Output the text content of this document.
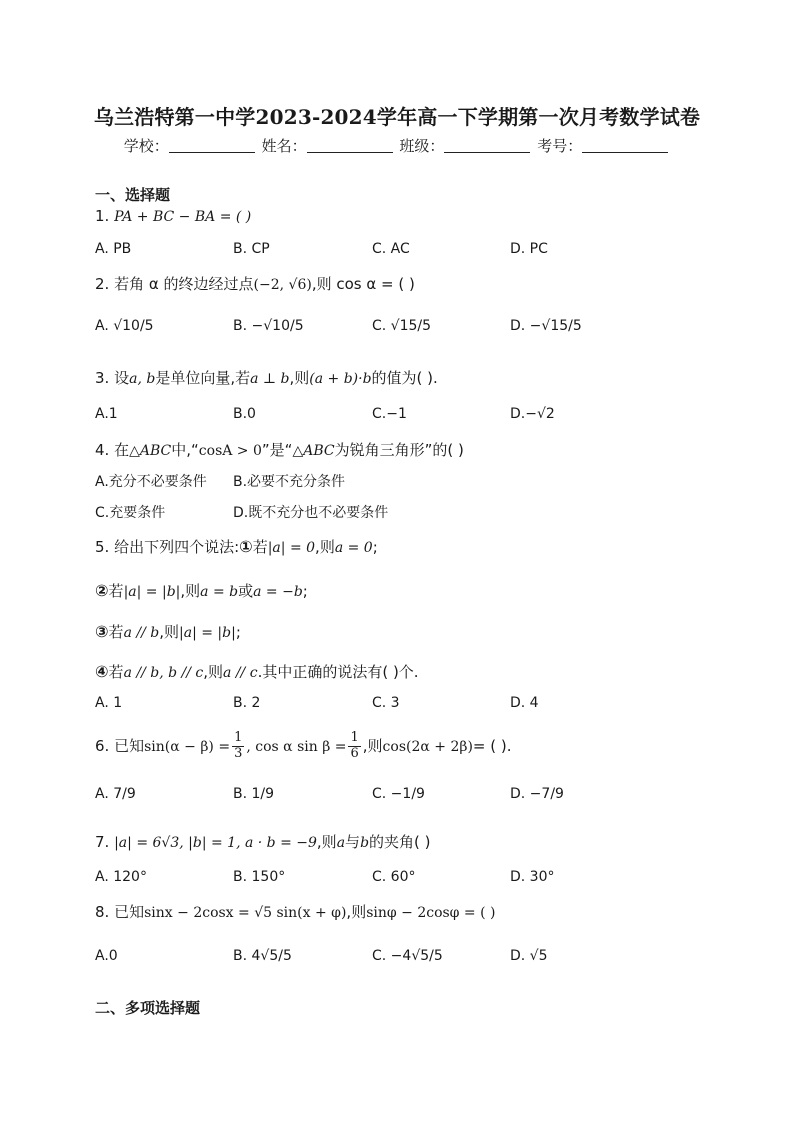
乌兰浩特第一中学2023-2024学年高一下学期第一次月考数学试卷
学校：	姓名：	班级：	考号：
一、选择题
1. PA + BC − BA = ( )
A. PB	B. CP	C. AC	D. PC
2. 若角 α 的终边经过点(−2, √6),则 cos α = ( )
A. √10/5	B. −√10/5	C. √15/5	D. −√15/5
3. 设a, b是单位向量,若a ⊥ b,则(a + b)·b的值为( ).
A.1	B.0	C.−1	D.−√2
4. 在△ABC中,“cosA > 0”是“△ABC为锐角三角形”的( )
A.充分不必要条件 B.必要不充分条件
C.充要条件	D.既不充分也不必要条件
5. 给出下列四个说法:①若|a| = 0,则a = 0;
②若|a| = |b|,则a = b或a = −b;
③若a // b,则|a| = |b|;
④若a // b, b // c,则a // c.其中正确的说法有( )个.
A. 1	B. 2	C. 3	D. 4
6. 已知$\sin(\alpha - \beta) = \frac{1}{3}$ , cos α $\sin \beta = \frac{1}{6}$ ,则cos(2α + 2β)= ( ).
A. 7/9	B. 1/9	C. −1/9	D. −7/9
7. |a| = 6√3, |b| = 1, a · b = −9,则a与b的夹角( )
A. 120°	B. 150°	C. 60°	D. 30°
8. 已知sinx − 2cosx = √5 sin(x + φ),则sinφ − 2cosφ = ( )
A.0	B. 4√5/5	C. −4√5/5	D. √5
二、多项选择题
